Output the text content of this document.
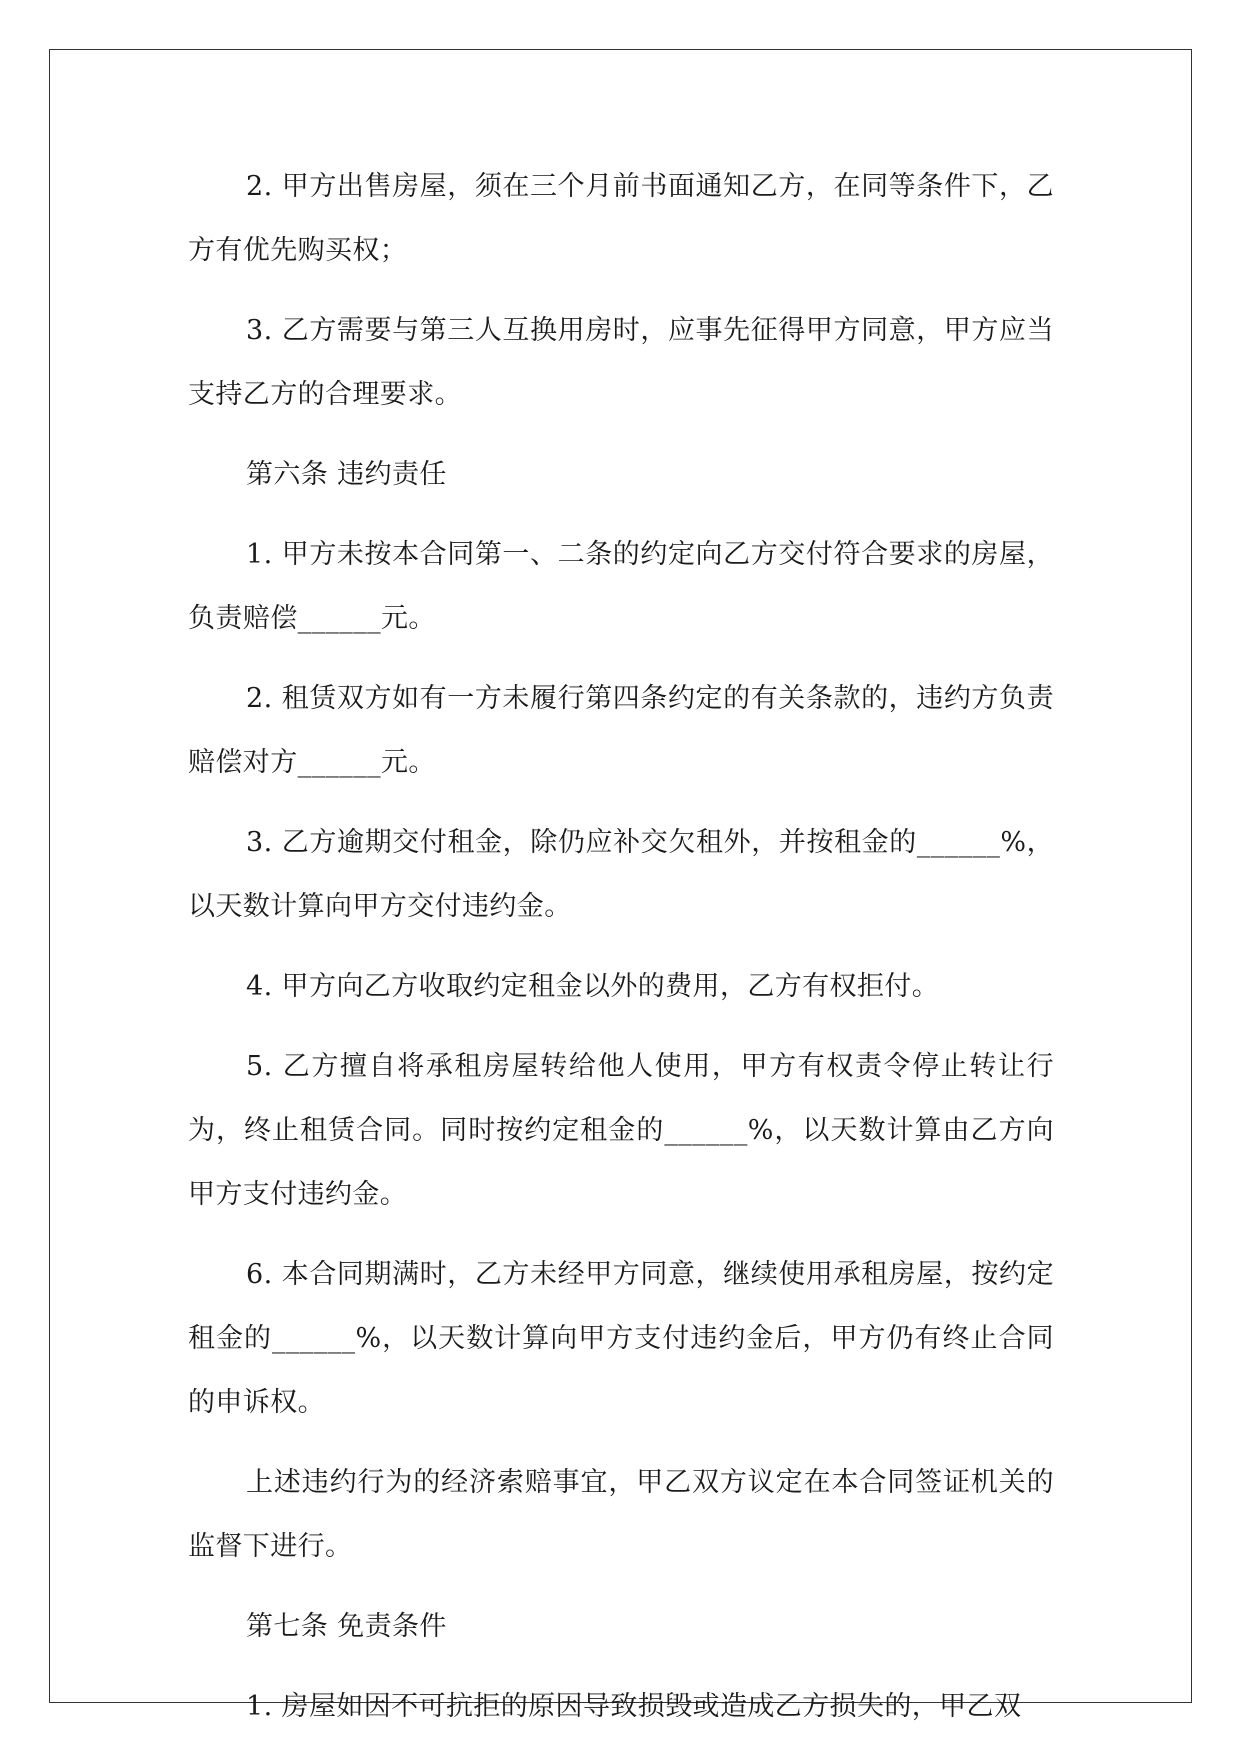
2. 甲方出售房屋，须在三个月前书面通知乙方，在同等条件下，乙方有优先购买权；

3. 乙方需要与第三人互换用房时，应事先征得甲方同意，甲方应当支持乙方的合理要求。

第六条 违约责任

1. 甲方未按本合同第一、二条的约定向乙方交付符合要求的房屋，负责赔偿______元。

2. 租赁双方如有一方未履行第四条约定的有关条款的，违约方负责赔偿对方______元。

3. 乙方逾期交付租金，除仍应补交欠租外，并按租金的______%，以天数计算向甲方交付违约金。

4. 甲方向乙方收取约定租金以外的费用，乙方有权拒付。

5. 乙方擅自将承租房屋转给他人使用，甲方有权责令停止转让行为，终止租赁合同。同时按约定租金的______%，以天数计算由乙方向甲方支付违约金。

6. 本合同期满时，乙方未经甲方同意，继续使用承租房屋，按约定租金的______%，以天数计算向甲方支付违约金后，甲方仍有终止合同的申诉权。

上述违约行为的经济索赔事宜，甲乙双方议定在本合同签证机关的监督下进行。

第七条 免责条件

1. 房屋如因不可抗拒的原因导致损毁或造成乙方损失的，甲乙双
